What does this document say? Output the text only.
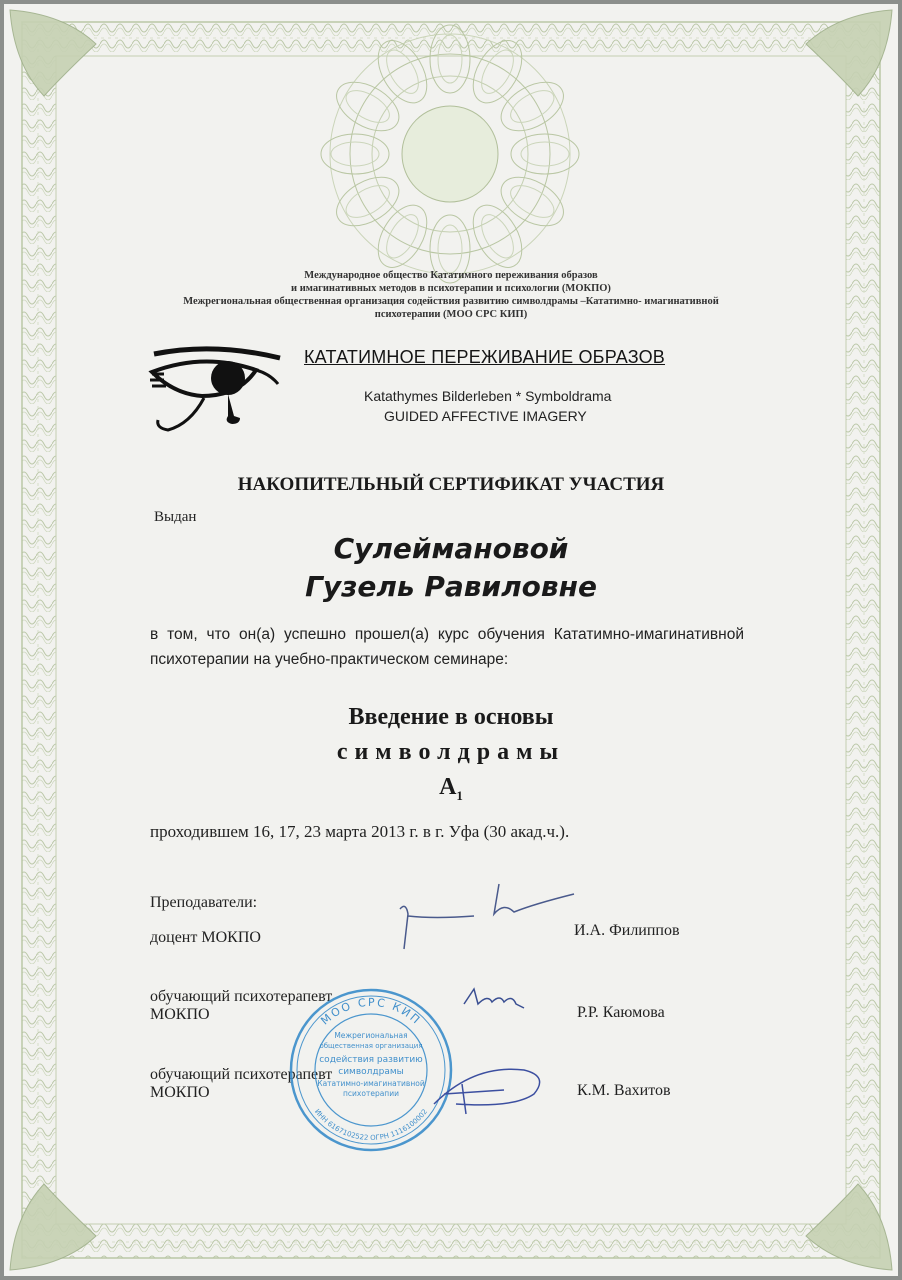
Международное общество Кататимного переживания образов
и имагинативных методов в психотерапии и психологии (МОКПО)
Межрегиональная общественная организация содействия развитию символдрамы –Кататимно- имагинативной
психотерапии (МОО СРС КИП)
КАТАТИМНОЕ ПЕРЕЖИВАНИЕ ОБРАЗОВ
Katathymes Bilderleben * Symboldrama
GUIDED AFFECTIVE IMAGERY
НАКОПИТЕЛЬНЫЙ СЕРТИФИКАТ УЧАСТИЯ
Выдан
Сулеймановой
Гузель Равиловне
в том, что он(а) успешно прошел(а) курс обучения Кататимно-имагинативной психотерапии на учебно-практическом семинаре:
Введение в основы
символдрамы
$А_1$
проходившем 16, 17, 23 марта 2013 г. в г. Уфа (30 акад.ч.).
Преподаватели:
доцент МОКПО	И.А. Филиппов
обучающий психотерапевт
МОКПО	Р.Р. Каюмова
обучающий психотерапевт
МОКПО	К.М. Вахитов
МОО СРС КИП
ИНН 6167102522 ОГРН 1116100002
Межрегиональная
общественная организация
содействия развитию
символдрамы
Кататимно-имагинативной
психотерапии
